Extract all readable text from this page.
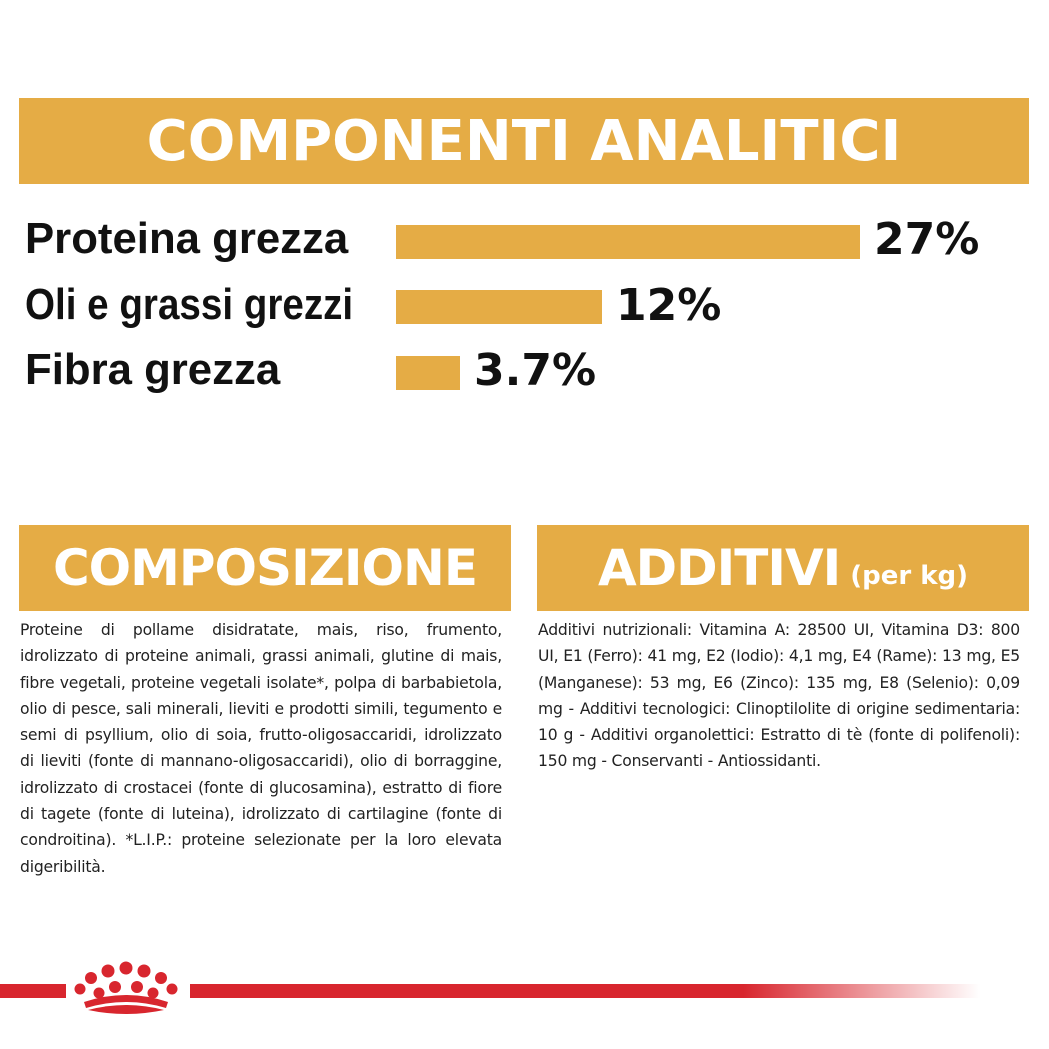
COMPONENTI ANALITICI
Proteina grezza	27%
Oli e grassi grezzi	12%
Fibra grezza	3.7%
COMPOSIZIONE ADDITIVI (per kg)
Proteine di pollame disidratate, mais, riso, frumento, idrolizzato di proteine animali, grassi animali, glutine di mais, fibre vegetali, proteine vegetali isolate*, polpa di barbabietola, olio di pesce, sali minerali, lieviti e prodotti simili, tegumento e semi di psyllium, olio di soia, frutto-oligosaccaridi, idrolizzato di lieviti (fonte di mannano-oligosaccaridi), olio di borraggine, idrolizzato di crostacei (fonte di glucosamina), estratto di fiore di tagete (fonte di luteina), idrolizzato di cartilagine (fonte di condroitina). *L.I.P.: proteine selezionate per la loro elevata digeribilità.
Additivi nutrizionali: Vitamina A: 28500 UI, Vitamina D3: 800 UI, E1 (Ferro): 41 mg, E2 (Iodio): 4,1 mg, E4 (Rame): 13 mg, E5 (Manganese): 53 mg, E6 (Zinco): 135 mg, E8 (Selenio): 0,09 mg - Additivi tecnologici: Clinoptilolite di origine sedimentaria: 10 g - Additivi organolettici: Estratto di tè (fonte di polifenoli): 150 mg - Conservanti - Antiossidanti.
